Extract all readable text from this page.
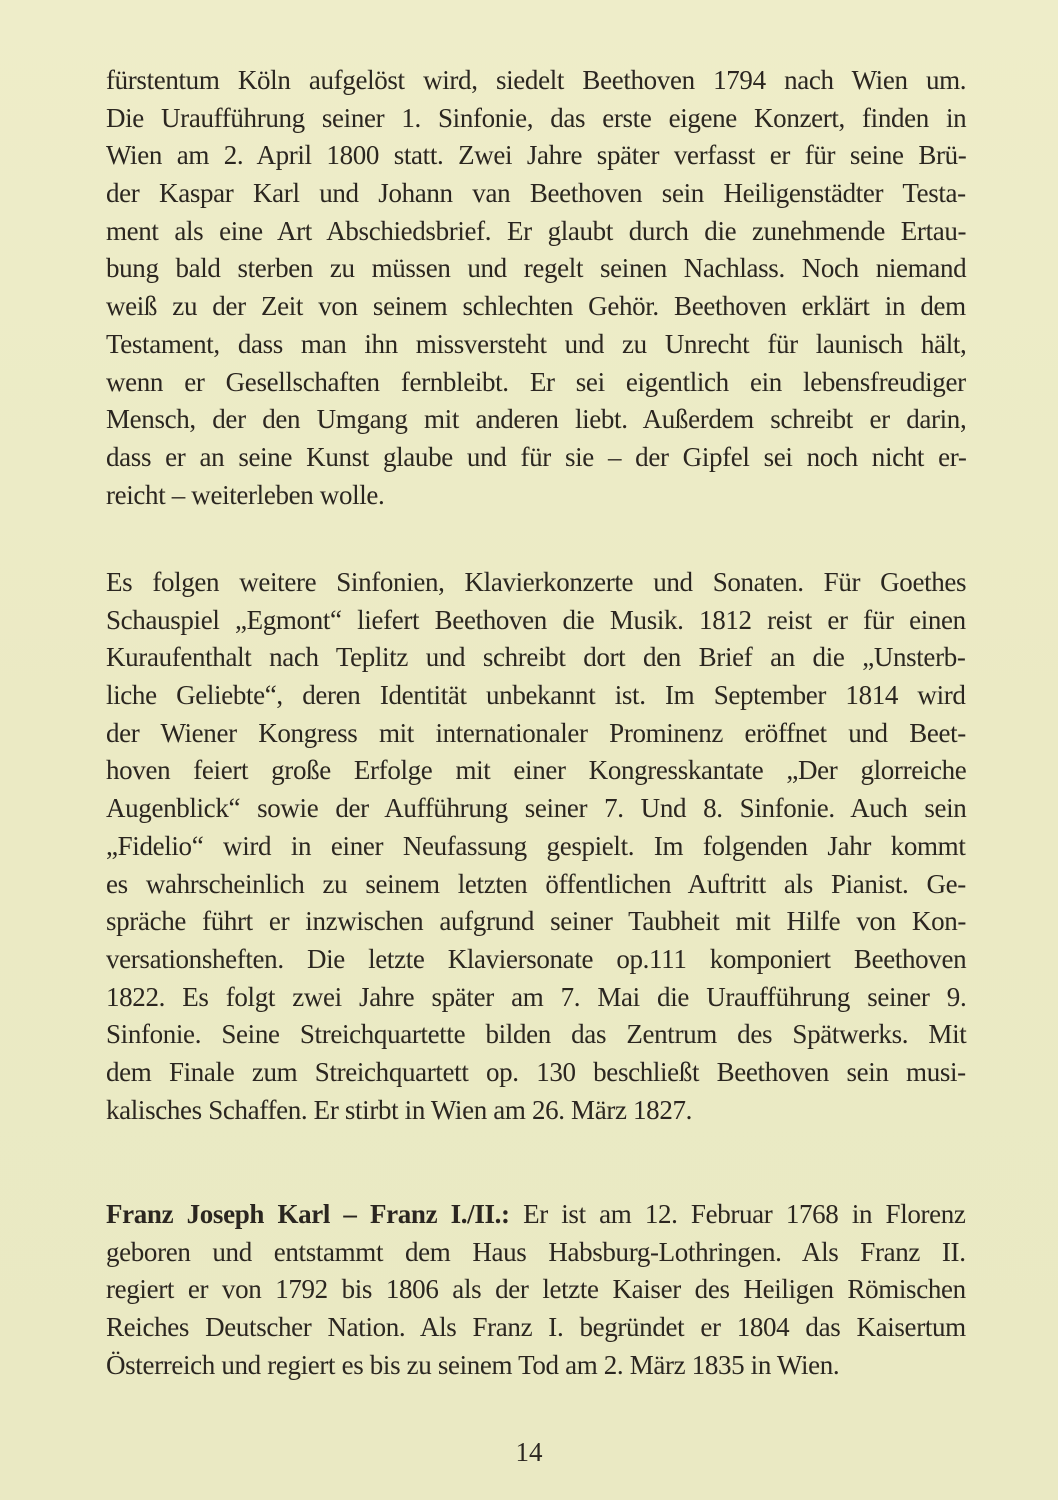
fürstentum Köln aufgelöst wird, siedelt Beethoven 1794 nach Wien um.
Die Uraufführung seiner 1. Sinfonie, das erste eigene Konzert, finden in
Wien am 2. April 1800 statt. Zwei Jahre später verfasst er für seine Brü-
der Kaspar Karl und Johann van Beethoven sein Heiligenstädter Testa-
ment als eine Art Abschiedsbrief. Er glaubt durch die zunehmende Ertau-
bung bald sterben zu müssen und regelt seinen Nachlass. Noch niemand
weiß zu der Zeit von seinem schlechten Gehör. Beethoven erklärt in dem
Testament, dass man ihn missversteht und zu Unrecht für launisch hält,
wenn er Gesellschaften fernbleibt. Er sei eigentlich ein lebensfreudiger
Mensch, der den Umgang mit anderen liebt. Außerdem schreibt er darin,
dass er an seine Kunst glaube und für sie – der Gipfel sei noch nicht er-
reicht – weiterleben wolle.
Es folgen weitere Sinfonien, Klavierkonzerte und Sonaten. Für Goethes
Schauspiel „Egmont“ liefert Beethoven die Musik. 1812 reist er für einen
Kuraufenthalt nach Teplitz und schreibt dort den Brief an die „Unsterb-
liche Geliebte“, deren Identität unbekannt ist. Im September 1814 wird
der Wiener Kongress mit internationaler Prominenz eröffnet und Beet-
hoven feiert große Erfolge mit einer Kongresskantate „Der glorreiche
Augenblick“ sowie der Aufführung seiner 7. Und 8. Sinfonie. Auch sein
„Fidelio“ wird in einer Neufassung gespielt. Im folgenden Jahr kommt
es wahrscheinlich zu seinem letzten öffentlichen Auftritt als Pianist. Ge-
spräche führt er inzwischen aufgrund seiner Taubheit mit Hilfe von Kon-
versationsheften. Die letzte Klaviersonate op.111 komponiert Beethoven
1822. Es folgt zwei Jahre später am 7. Mai die Uraufführung seiner 9.
Sinfonie. Seine Streichquartette bilden das Zentrum des Spätwerks. Mit
dem Finale zum Streichquartett op. 130 beschließt Beethoven sein musi-
kalisches Schaffen. Er stirbt in Wien am 26. März 1827.
Franz Joseph Karl – Franz I./II.: Er ist am 12. Februar 1768 in Florenz
geboren und entstammt dem Haus Habsburg-Lothringen. Als Franz II.
regiert er von 1792 bis 1806 als der letzte Kaiser des Heiligen Römischen
Reiches Deutscher Nation. Als Franz I. begründet er 1804 das Kaisertum
Österreich und regiert es bis zu seinem Tod am 2. März 1835 in Wien.
14
